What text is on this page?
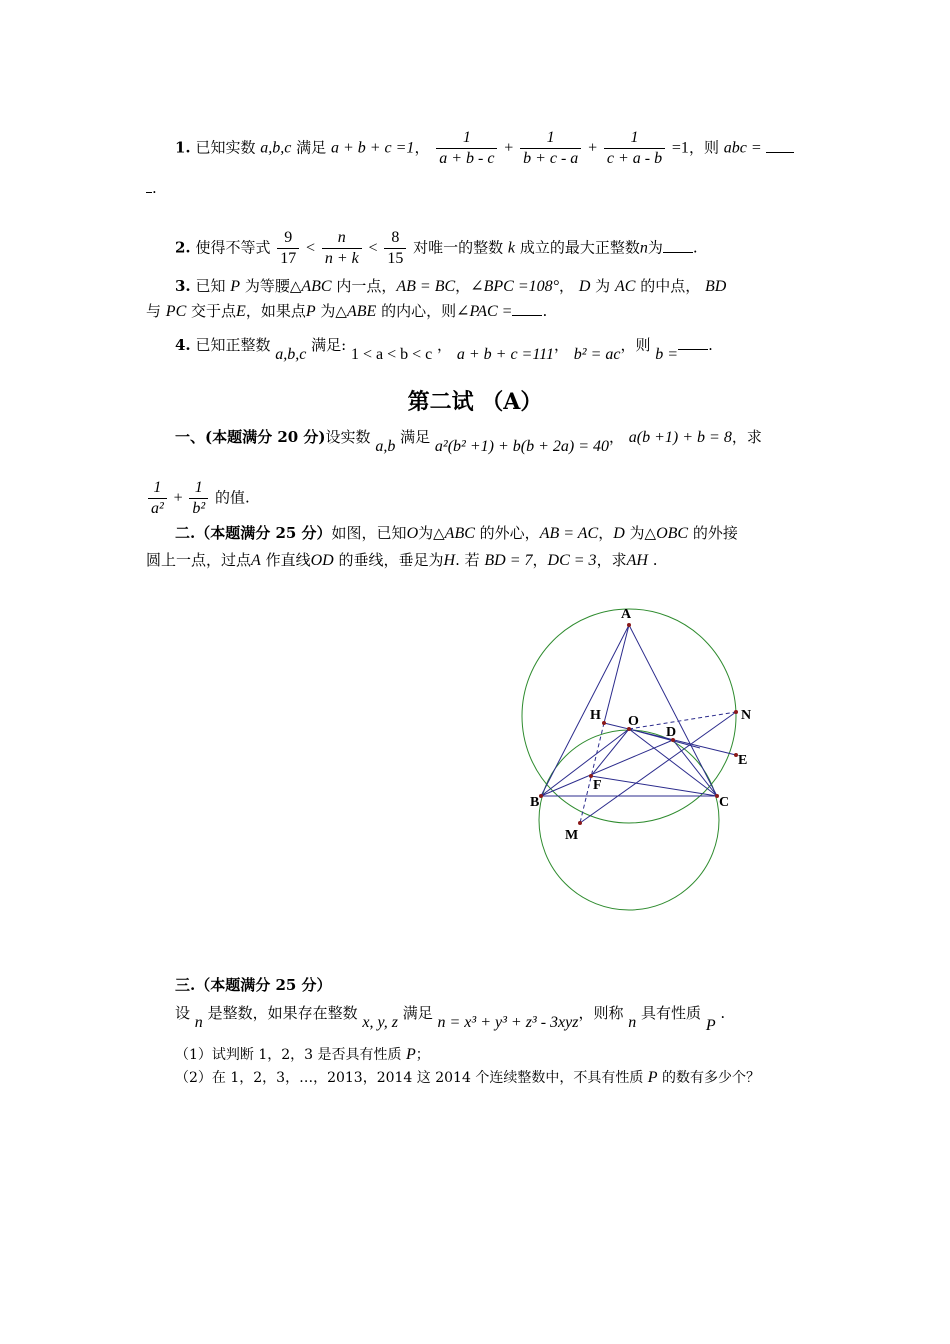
1. 已知实数 a,b,c 满足 a + b + c =1， $\frac{1}{a + b - c} + \frac{1}{b + c - a} + \frac{1}{c + a - b} =1$，则 abc =
.
2. 使得不等式 $\frac{9}{17} < \frac{n}{n + k} < \frac{8}{15}$ 对唯一的整数 k 成立的最大正整数n为 .
3. 已知 P 为等腰△ABC 内一点，AB = BC，∠BPC =108°， D 为 AC 的中点， BD
与 PC 交于点E，如果点P 为△ABE 的内心，则∠PAC = .
4. 已知正整数 a,b,c 满足: 1 < a < b < c ， a + b + c =111， b² = ac，则 b =.
第二试 （A）
一、(本题满分 20 分)设实数 a,b 满足 a²(b² +1) + b(b + 2a) = 40， a(b +1) + b = 8，求
$\frac{1}{\text{a²}} + \frac{1}{\text{b²}}$ 的值.
二.（本题满分 25 分）如图，已知O为△ABC 的外心，AB = AC，D 为△OBC 的外接
圆上一点，过点A 作直线OD 的垂线，垂足为H. 若 BD = 7，DC = 3，求AH .
A
H O
D
N
E
F
B	C
M
三.（本题满分 25 分）
设 n 是整数，如果存在整数 x, y, z 满足 n = x³ + y³ + z³ - 3xyz，则称 n 具有性质 P .
（1）试判断 1，2，3 是否具有性质 P；
（2）在 1，2，3，…，2013，2014 这 2014 个连续整数中，不具有性质 P 的数有多少个？
